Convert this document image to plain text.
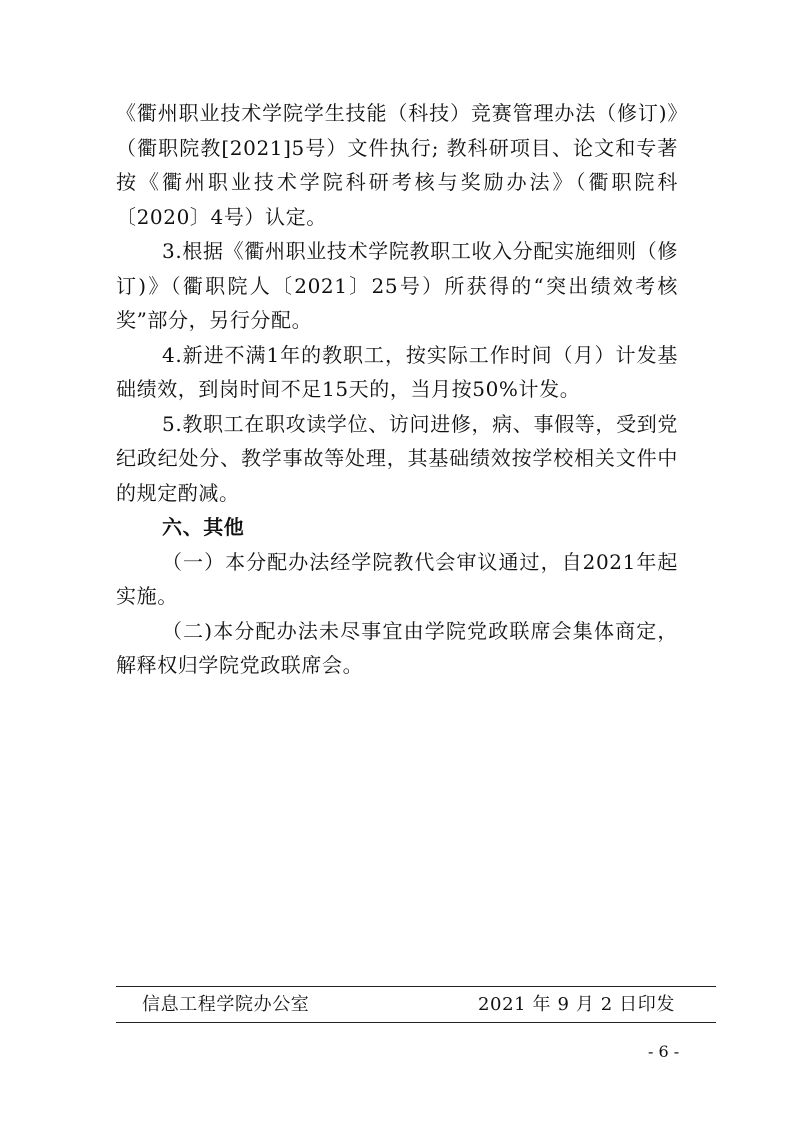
《衢州职业技术学院学生技能（科技）竞赛管理办法（修订)》（衢职院教[2021]5号）文件执行; 教科研项目、论文和专著按《衢州职业技术学院科研考核与奖励办法》（衢职院科〔2020〕4号）认定。

3.根据《衢州职业技术学院教职工收入分配实施细则（修订)》（衢职院人〔2021〕25号）所获得的“突出绩效考核奖”部分，另行分配。

4.新进不满1年的教职工，按实际工作时间（月）计发基础绩效，到岗时间不足15天的，当月按50%计发。

5.教职工在职攻读学位、访问进修，病、事假等，受到党纪政纪处分、教学事故等处理，其基础绩效按学校相关文件中的规定酌减。

六、其他

（一）本分配办法经学院教代会审议通过，自2021年起实施。

（二)本分配办法未尽事宜由学院党政联席会集体商定，解释权归学院党政联席会。

信息工程学院办公室	2021 年 9 月 2 日印发
- 6 -
